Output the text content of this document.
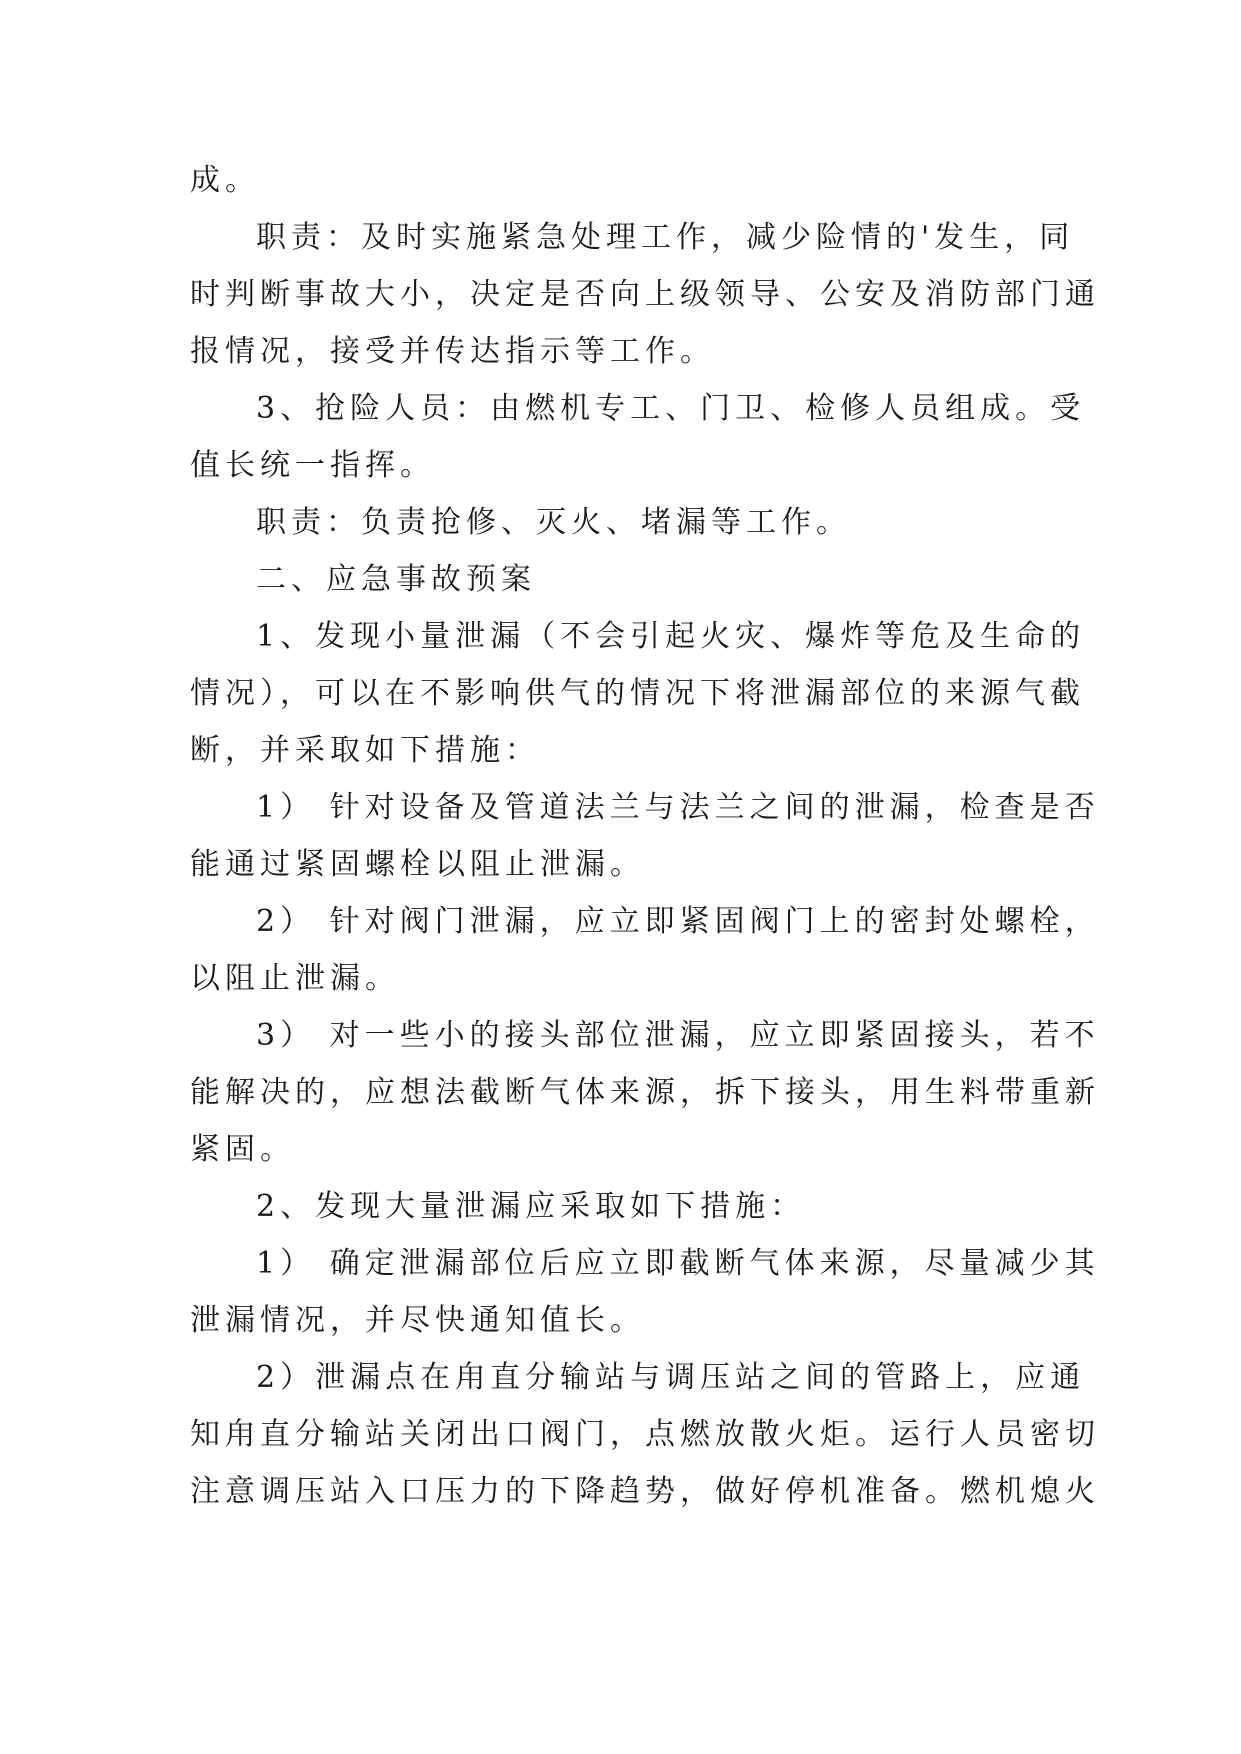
成。
职责：及时实施紧急处理工作，减少险情的'发生，同
时判断事故大小，决定是否向上级领导、公安及消防部门通
报情况，接受并传达指示等工作。
3、抢险人员：由燃机专工、门卫、检修人员组成。受
值长统一指挥。
职责：负责抢修、灭火、堵漏等工作。
二、应急事故预案
1、发现小量泄漏（不会引起火灾、爆炸等危及生命的
情况），可以在不影响供气的情况下将泄漏部位的来源气截
断，并采取如下措施：
1） 针对设备及管道法兰与法兰之间的泄漏，检查是否
能通过紧固螺栓以阻止泄漏。
2） 针对阀门泄漏，应立即紧固阀门上的密封处螺栓，
以阻止泄漏。
3） 对一些小的接头部位泄漏，应立即紧固接头，若不
能解决的，应想法截断气体来源，拆下接头，用生料带重新
紧固。
2、发现大量泄漏应采取如下措施：
1） 确定泄漏部位后应立即截断气体来源，尽量减少其
泄漏情况，并尽快通知值长。
2）泄漏点在甪直分输站与调压站之间的管路上，应通
知甪直分输站关闭出口阀门，点燃放散火炬。运行人员密切
注意调压站入口压力的下降趋势，做好停机准备。燃机熄火
